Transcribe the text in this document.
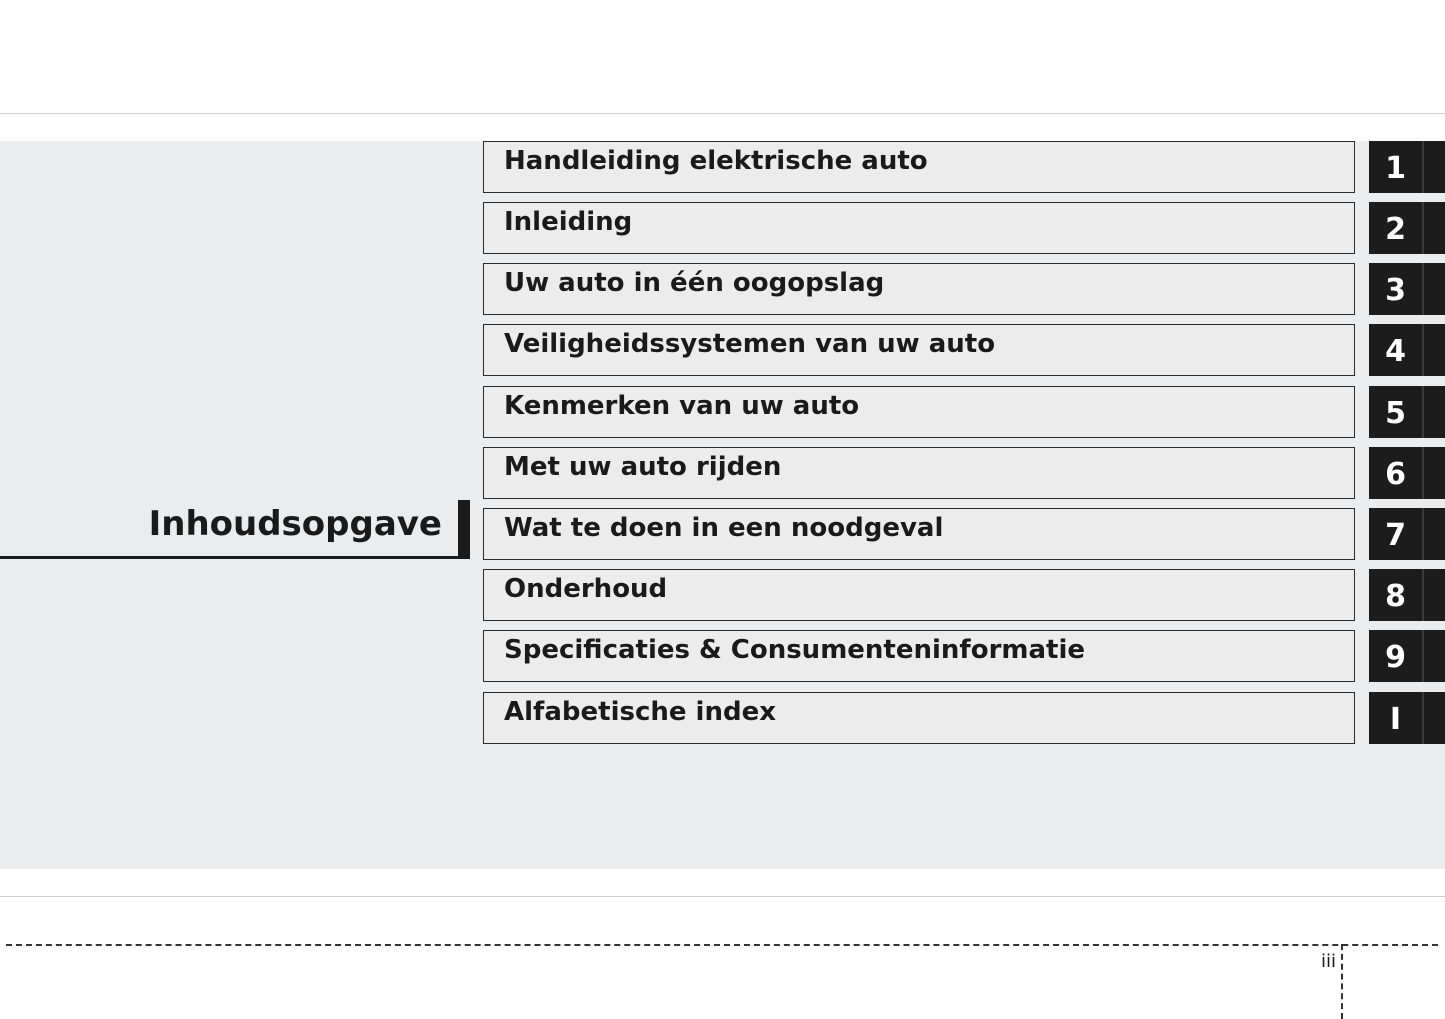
Inhoudsopgave
Handleiding elektrische auto	1
Inleiding	2
Uw auto in één oogopslag	3
Veiligheidssystemen van uw auto	4
Kenmerken van uw auto	5
Met uw auto rijden	6
Wat te doen in een noodgeval	7
Onderhoud	8
Specificaties & Consumenteninformatie	9
Alfabetische index	I
iii
